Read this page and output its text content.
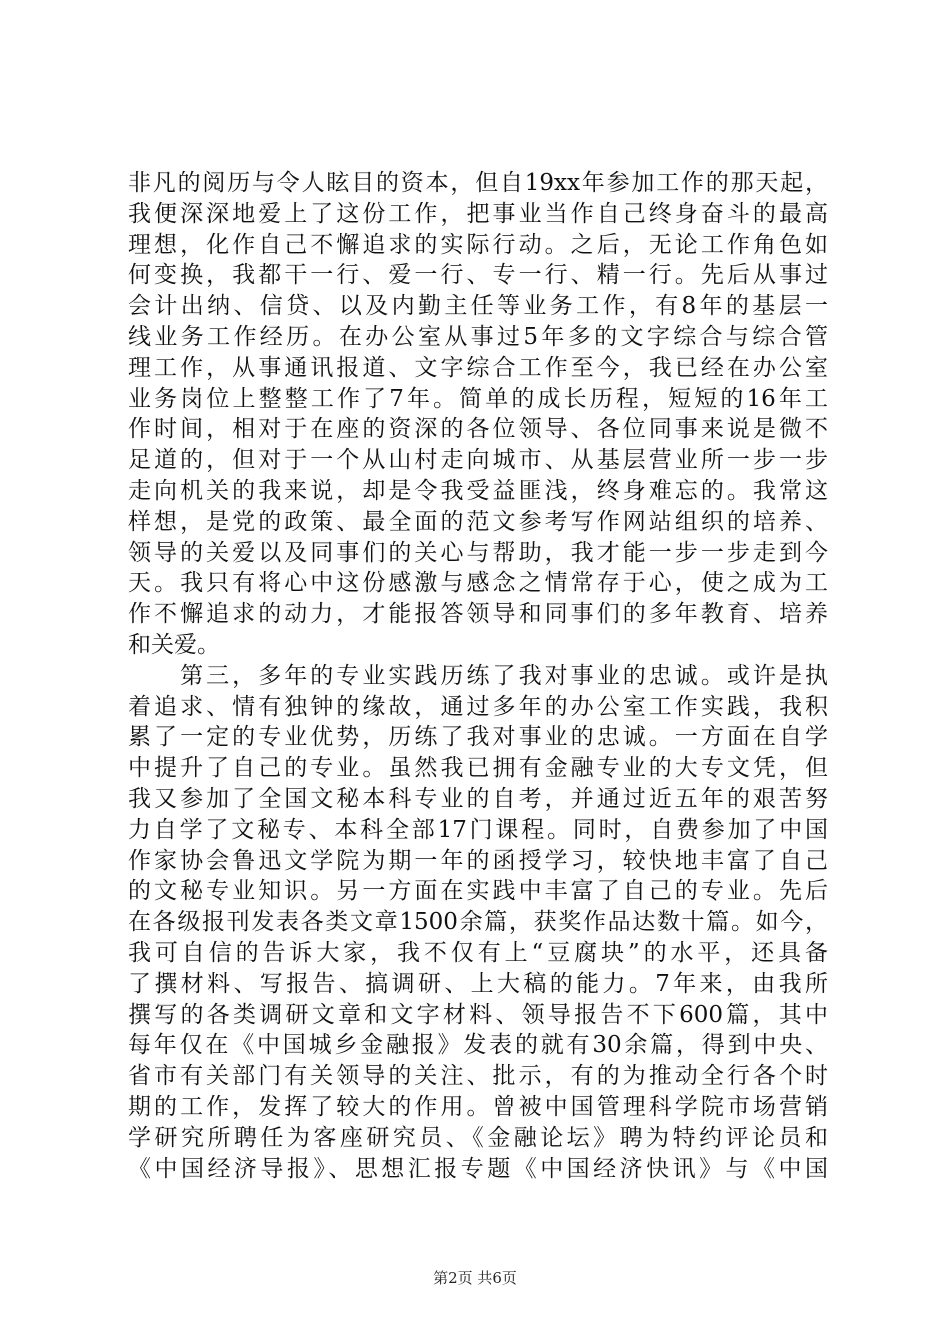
非凡的阅历与令人眩目的资本，但自19xx年参加工作的那天起，
我便深深地爱上了这份工作，把事业当作自己终身奋斗的最高
理想，化作自己不懈追求的实际行动。之后，无论工作角色如
何变换，我都干一行、爱一行、专一行、精一行。先后从事过
会计出纳、信贷、以及内勤主任等业务工作，有8年的基层一
线业务工作经历。在办公室从事过5年多的文字综合与综合管
理工作，从事通讯报道、文字综合工作至今，我已经在办公室
业务岗位上整整工作了7年。简单的成长历程，短短的16年工
作时间，相对于在座的资深的各位领导、各位同事来说是微不
足道的，但对于一个从山村走向城市、从基层营业所一步一步
走向机关的我来说，却是令我受益匪浅，终身难忘的。我常这
样想，是党的政策、最全面的范文参考写作网站组织的培养、
领导的关爱以及同事们的关心与帮助，我才能一步一步走到今
天。我只有将心中这份感激与感念之情常存于心，使之成为工
作不懈追求的动力，才能报答领导和同事们的多年教育、培养
和关爱。
　　第三，多年的专业实践历练了我对事业的忠诚。或许是执
着追求、情有独钟的缘故，通过多年的办公室工作实践，我积
累了一定的专业优势，历练了我对事业的忠诚。一方面在自学
中提升了自己的专业。虽然我已拥有金融专业的大专文凭，但
我又参加了全国文秘本科专业的自考，并通过近五年的艰苦努
力自学了文秘专、本科全部17门课程。同时，自费参加了中国
作家协会鲁迅文学院为期一年的函授学习，较快地丰富了自己
的文秘专业知识。另一方面在实践中丰富了自己的专业。先后
在各级报刊发表各类文章1500余篇，获奖作品达数十篇。如今，
我可自信的告诉大家，我不仅有上“豆腐块”的水平，还具备
了撰材料、写报告、搞调研、上大稿的能力。7年来，由我所
撰写的各类调研文章和文字材料、领导报告不下600篇，其中
每年仅在《中国城乡金融报》发表的就有30余篇，得到中央、
省市有关部门有关领导的关注、批示，有的为推动全行各个时
期的工作，发挥了较大的作用。曾被中国管理科学院市场营销
学研究所聘任为客座研究员、《金融论坛》聘为特约评论员和
《中国经济导报》、思想汇报专题《中国经济快讯》与《中国
第2页 共6页
